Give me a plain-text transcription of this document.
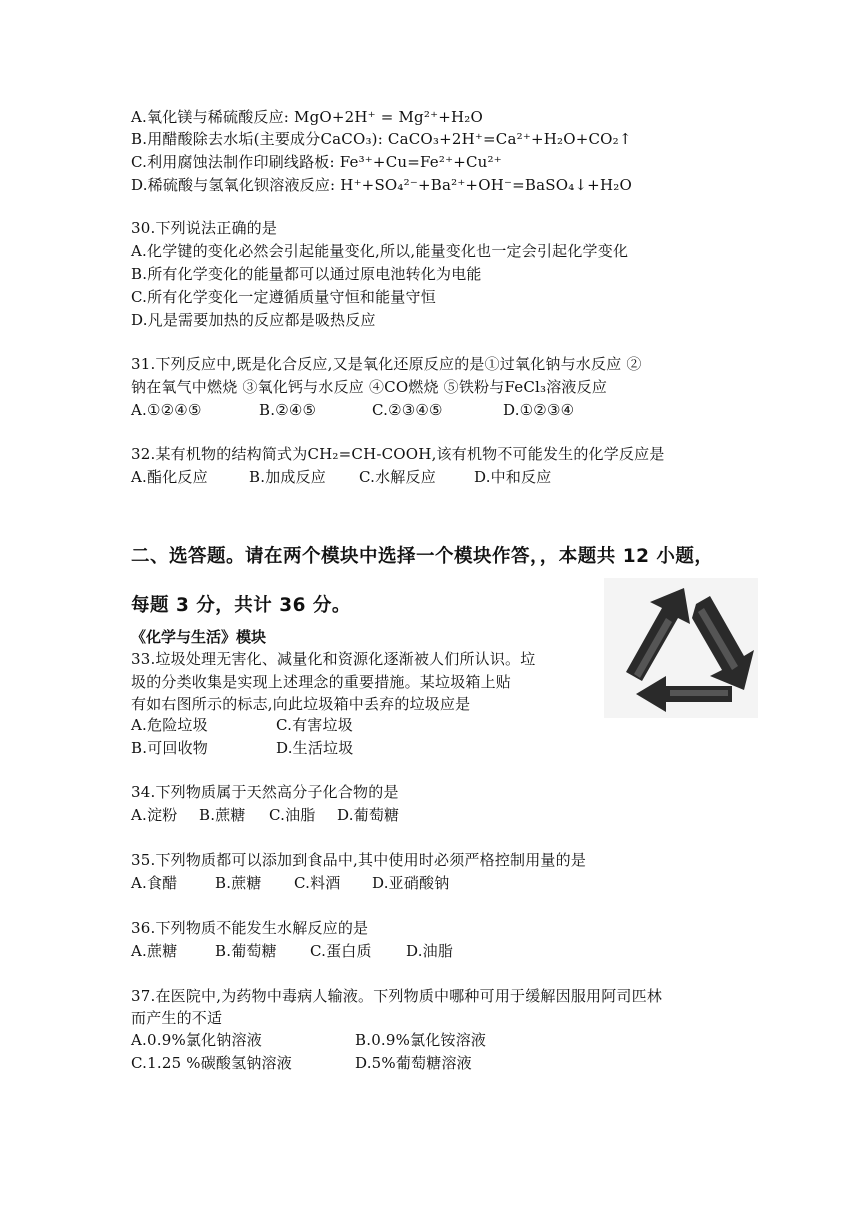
A.氧化镁与稀硫酸反应: MgO+2H⁺ = Mg²⁺+H₂O
B.用醋酸除去水垢(主要成分CaCO₃): CaCO₃+2H⁺=Ca²⁺+H₂O+CO₂↑
C.利用腐蚀法制作印刷线路板: Fe³⁺+Cu=Fe²⁺+Cu²⁺
D.稀硫酸与氢氧化钡溶液反应: H⁺+SO₄²⁻+Ba²⁺+OH⁻=BaSO₄↓+H₂O
30.下列说法正确的是
A.化学键的变化必然会引起能量变化,所以,能量变化也一定会引起化学变化
B.所有化学变化的能量都可以通过原电池转化为电能
C.所有化学变化一定遵循质量守恒和能量守恒
D.凡是需要加热的反应都是吸热反应
31.下列反应中,既是化合反应,又是氧化还原反应的是①过氧化钠与水反应 ②
钠在氧气中燃烧 ③氧化钙与水反应 ④CO燃烧 ⑤铁粉与FeCl₃溶液反应
A.①②④⑤	B.②④⑤	C.②③④⑤	D.①②③④
32.某有机物的结构简式为CH₂=CH-COOH,该有机物不可能发生的化学反应是
A.酯化反应	B.加成反应 C.水解反应	D.中和反应
二、选答题。请在两个模块中选择一个模块作答，，本题共 12 小题，
每题 3 分，共计 36 分。
《化学与生活》模块
33.垃圾处理无害化、减量化和资源化逐渐被人们所认识。垃
圾的分类收集是实现上述理念的重要措施。某垃圾箱上贴
有如右图所示的标志,向此垃圾箱中丢弃的垃圾应是
A.危险垃圾	C.有害垃圾
B.可回收物	D.生活垃圾
34.下列物质属于天然高分子化合物的是
A.淀粉 B.蔗糖 C.油脂 D.葡萄糖
35.下列物质都可以添加到食品中,其中使用时必须严格控制用量的是
A.食醋	B.蔗糖 C.料酒 D.亚硝酸钠
36.下列物质不能发生水解反应的是
A.蔗糖	B.葡萄糖 C.蛋白质 D.油脂
37.在医院中,为药物中毒病人输液。下列物质中哪种可用于缓解因服用阿司匹林
而产生的不适
A.0.9%氯化钠溶液	B.0.9%氯化铵溶液
C.1.25 %碳酸氢钠溶液	D.5%葡萄糖溶液
